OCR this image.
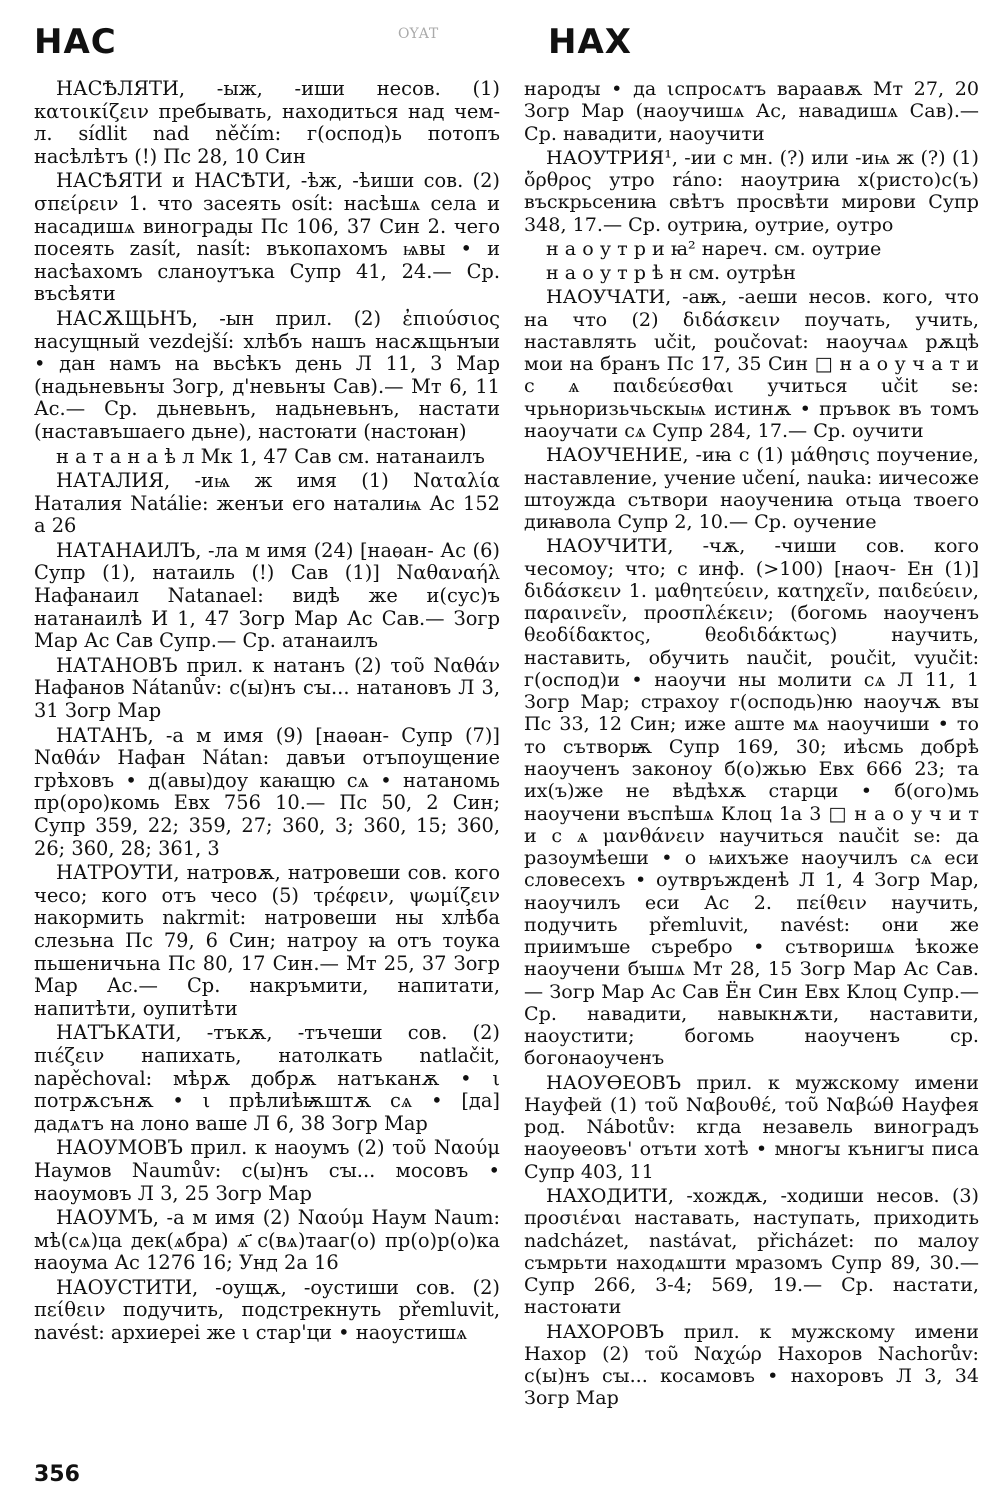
НАС	ΟΥΑΤ	НАХ

НАСѢЛЯТИ, -ыж, -иши несов. (1) κατοικίζειν пребывать, находиться над чем-л. sídlit nad něčím: г(оспод)ь потопъ насѣлѣтъ (!) Пс 28, 10 Син

НАСѢЯТИ и НАСѢТИ, -ѣж, -ѣиши сов. (2) σπείρειν 1. что засеять osít: насѣшѧ села и насадишѧ винограды Пс 106, 37 Син 2. чего посеять zasít, nasít: въкопахомъ ѩвы • и насѣахомъ сланоутъка Супр 41, 24.— Ср. въсѣяти

НАСѪЩЬНЪ, -ын прил. (2) ἐπιούσιος насущный vezdejší: хлѣбъ нашъ насѫщьнꙑи • дан намъ на вьсѣкъ день Л 11, 3 Мар (надьневьнꙑ Зогр, д'невьнꙑ Сав).— Мт 6, 11 Ас.— Ср. дьневьнъ, надьневьнъ, настати (наставъшаего дьне), настоꙗти (настоꙗн)

н а т а н а ѣ л Мк 1, 47 Сав см. натанаилъ

НАТАЛИЯ, -иѩ ж имя (1) Ναταλία Наталия Natálie: женъи его наталиѩ Ас 152 а 26

НАТАНАИЛЪ, -ла м имя (24) [наѳан- Ас (6) Супр (1), натаиль (!) Сав (1)] Ναθαναήλ Нафанаил Natanael: видѣ же и(сус)ъ натанаилѣ И 1, 47 Зогр Мар Ас Сав.— Зогр Мар Ас Сав Супр.— Ср. атанаилъ

НАТАНОВЪ прил. к натанъ (2) τοῦ Ναθάν Нафанов Nátanův: с(ы)нъ сꙑ... натановъ Л 3, 31 Зогр Мар

НАТАНЪ, -а м имя (9) [наѳан- Супр (7)] Ναθάν Нафан Nátan: давъи отъпоущение грѣховъ • д(авы)доу каꙗщю сѧ • натаномь пр(оро)комь Евх 756 10.— Пс 50, 2 Син; Супр 359, 22; 359, 27; 360, 3; 360, 15; 360, 26; 360, 28; 361, 3

НАТРОУТИ, натровѫ, натровеши сов. кого чесо; кого отъ чесо (5) τρέφειν, ψωμίζειν накормить nakrmit: натровеши ны хлѣба слезьна Пс 79, 6 Син; натроу ꙗ отъ тоука пьшеничьна Пс 80, 17 Син.— Мт 25, 37 Зогр Мар Ас.— Ср. накръмити, напитати, напитѣти, оупитѣти

НАТЪКАТИ, -тъкѫ, -тъчеши сов. (2) πιέζειν напихать, натолкать natlačit, napěchoval: мѣрѫ добрѫ натъканѫ • ι потрѫсънѫ • ι прѣлиѣѭштѫ сѧ • [да] дадѧтъ на лоно ваше Л 6, 38 Зогр Мар

НАОУМОВЪ прил. к наоумъ (2) τοῦ Ναούμ Наумов Naumův: с(ы)нъ сꙑ... мосовъ • наоумовъ Л 3, 25 Зогр Мар

НАОУМЪ, -а м имя (2) Ναούμ Наум Naum: мѣ(сѧ)ца дек(ѧбра) ѧ҃ с(вѧ)тааг(о) пр(о)р(о)ка наоума Ас 1276 16; Унд 2а 16

НАОУСТИТИ, -оущѫ, -оустиши сов. (2) πείθειν подучить, подстрекнуть přemluvit, navést: архиереі же ι стар'ци • наоустишѧ

народꙑ • да ιспросѧтъ вараавѫ Мт 27, 20 Зогр Мар (наоучишѧ Ас, навадишѧ Сав).— Ср. навадити, наоучити

НАОУТРИЯ¹, -ии с мн. (?) или -иѩ ж (?) (1) ὄρθρος утро ráno: наоутриꙗ х(ристо)с(ъ) въскрьсениꙗ свѣтъ просвѣти мирови Супр 348, 17.— Ср. оутриꙗ, оутрие, оутро

н а о у т р и ꙗ² нареч. см. оутрие

н а о у т р ѣ н см. оутрѣн

НАОУЧАТИ, -аѭ, -аеши несов. кого, что на что (2) διδάσκειν поучать, учить, наставлять učit, poučovat: наоучаѧ рѫцѣ мои на бранъ Пс 17, 35 Син □ н а о у ч а т и с ѧ παιδεύεσθαι учиться učit se: чрьноризьчьскыѩ истинѫ • пръвок въ томъ наоучати сѧ Супр 284, 17.— Ср. оучити

НАОУЧЕНИЕ, -иꙗ с (1) μάθησις поучение, наставление, учение učení, nauka: иичесоже штоужда сътвори наоучениꙗ отьца твоего диꙗвола Супр 2, 10.— Ср. оучение

НАОУЧИТИ, -чѫ, -чиши сов. кого чесомоу; что; с инф. (>100) [наоч- Ен (1)] διδάσκειν 1. μαθητεύειν, κατηχεῖν, παιδεύειν, παραινεῖν, προσπλέκειν; (богомь наоученъ θεοδίδακτος, θεοδιδάκτως) научить, наставить, обучить naučit, poučit, vyučit: г(оспод)и • наоучи ны молити сѧ Л 11, 1 Зогр Мар; страхоу г(осподь)ню наоучѫ вꙑ Пс 33, 12 Син; иже аште мѧ наоучиши • то то сътворѭ Супр 169, 30; иѣсмь добрѣ наоученъ законоу б(о)жью Евх 666 23; та их(ъ)же не вѣдѣхѫ старци • б(ого)мь наоучени въспѣшѧ Клоц 1а 3 □ н а о у ч и т и с ѧ μανθάνειν научиться naučit se: да разоумѣеши • о ѩихъже наоучилъ сѧ еси словесехъ • оутвръжденѣ Л 1, 4 Зогр Мар, наоучилъ еси Ас 2. πείθειν научить, подучить přemluvit, navést: они же приимъше съребро • сътворишѧ ѣкоже наоучени бꙑшѧ Мт 28, 15 Зогр Мар Ас Сав.— Зогр Мар Ас Сав Ён Син Евх Клоц Супр.— Ср. навадити, навыкнѫти, наставити, наоустити; богомь наоученъ ср. богонаоученъ

НАОУѲЕОВЪ прил. к мужскому имени Науфей (1) τοῦ Ναβουθέ, τοῦ Ναβώθ Науфея род. Nábotův: кгда незавель виноградъ наоуѳеовъ' отъти хотѣ • многꙑ кънигꙑ писа Супр 403, 11

НАХОДИТИ, -хождѫ, -ходиши несов. (3) προσιέναι наставать, наступать, приходить nadcházet, nastávat, přicházet: по малоу съмрьти находѧшти мразомъ Супр 89, 30.— Супр 266, 3-4; 569, 19.— Ср. настати, настоꙗти

НАХОРОВЪ прил. к мужскому имени Нахор (2) τοῦ Ναχώρ Нахоров Nachorův: с(ы)нъ сꙑ... косамовъ • нахоровъ Л 3, 34 Зогр Мар

356
